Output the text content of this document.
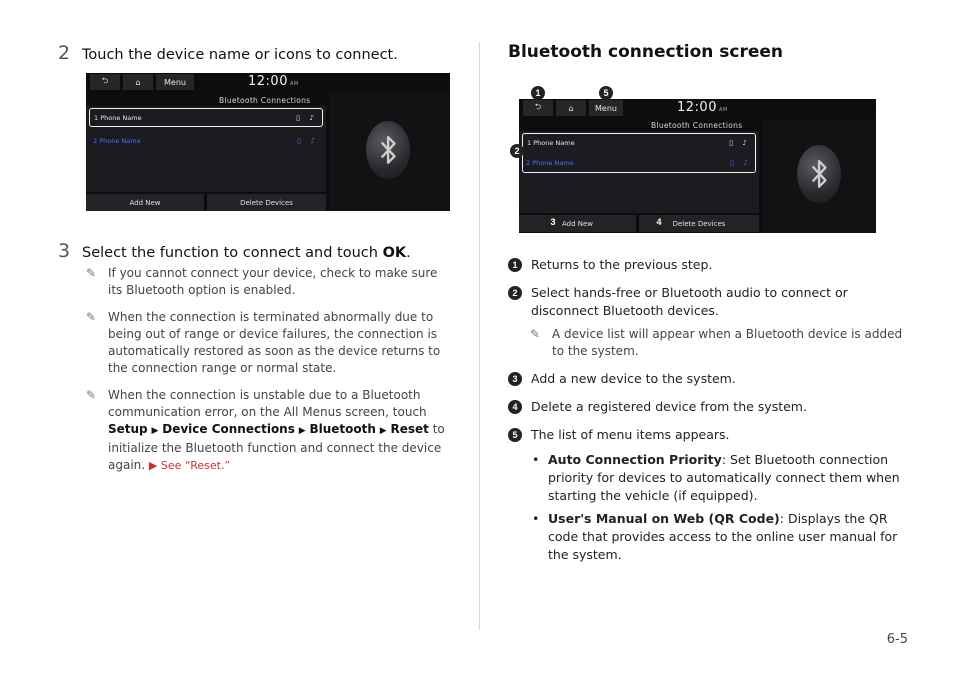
2 Touch the device name or icons to connect.
⮌	⌂	Menu	12:00 AM
Bluetooth Connections
1
Phone Name	▯ ♪
2
Phone Name	▯ ♪
Add New	Delete Devices
3 Select the function to connect and touch OK.
✎ If you cannot connect your device, check to make sure its Bluetooth option is enabled.
✎ When the connection is terminated abnormally due to being out of range or device failures, the connection is automatically restored as soon as the device returns to the connection range or normal state.
✎ When the connection is unstable due to a Bluetooth communication error, on the All Menus screen, touch Setup ▶ Device Connections ▶ Bluetooth ▶ Reset to initialize the Bluetooth function and connect the device again. ▶ See “Reset.”
Bluetooth connection screen
⮌	⌂	Menu	12:00 AM
Bluetooth Connections
1
Phone Name	▯ ♪
2
Phone Name	▯ ♪
Add New	Delete Devices
1	5
2
3	4
1	Returns to the previous step.
2	Select hands-free or Bluetooth audio to connect or disconnect Bluetooth devices.
✎ A device list will appear when a Bluetooth device is added to the system.
3	Add a new device to the system.
4	Delete a registered device from the system.
5	The list of menu items appears.
• Auto Connection Priority: Set Bluetooth connection priority for devices to automatically connect them when starting the vehicle (if equipped).
• User's Manual on Web (QR Code): Displays the QR code that provides access to the online user manual for the system.
6-5
